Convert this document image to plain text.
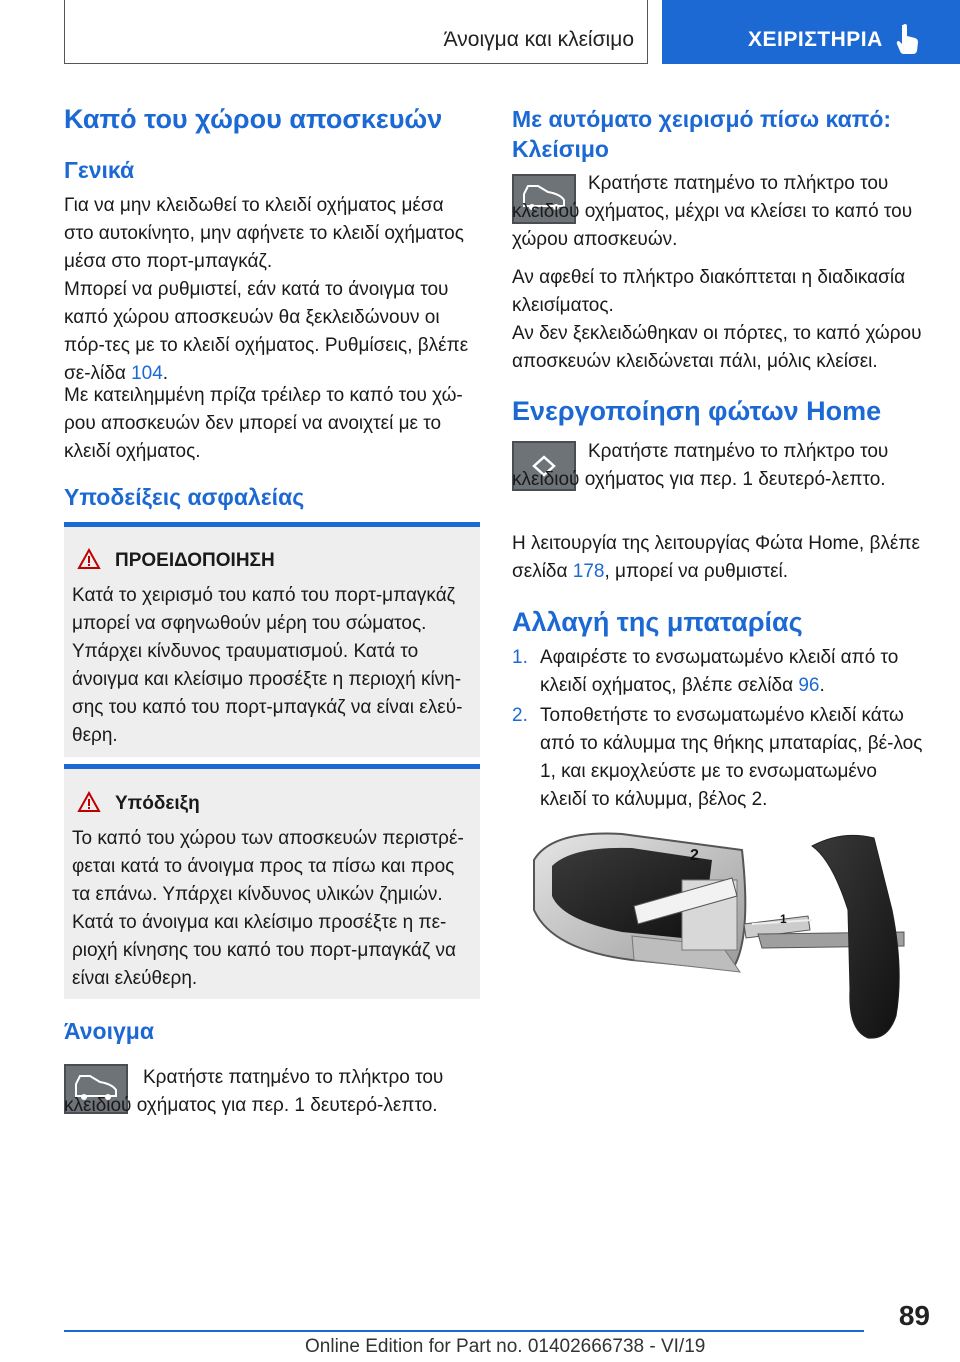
Άνοιγμα και κλείσιμο	ΧΕΙΡΙΣΤΗΡΙΑ
Καπό του χώρου αποσκευών
Γενικά
Για να μην κλειδωθεί το κλειδί οχήματος μέσα στο αυτοκίνητο, μην αφήνετε το κλειδί οχήματος μέσα στο πορτ-μπαγκάζ.
Μπορεί να ρυθμιστεί, εάν κατά το άνοιγμα του καπό χώρου αποσκευών θα ξεκλειδώνουν οι πόρ-τες με το κλειδί οχήματος. Ρυθμίσεις, βλέπε σε-λίδα 104.
Με κατειλημμένη πρίζα τρέιλερ το καπό του χώ-ρου αποσκευών δεν μπορεί να ανοιχτεί με το κλειδί οχήματος.
Υποδείξεις ασφαλείας
ΠΡΟΕΙΔΟΠΟΙΗΣΗ
Κατά το χειρισμό του καπό του πορτ-μπαγκάζ μπορεί να σφηνωθούν μέρη του σώματος. Υπάρχει κίνδυνος τραυματισμού. Κατά το άνοιγμα και κλείσιμο προσέξτε η περιοχή κίνη-σης του καπό του πορτ-μπαγκάζ να είναι ελεύ-θερη.
Υπόδειξη
Το καπό του χώρου των αποσκευών περιστρέ-φεται κατά το άνοιγμα προς τα πίσω και προς τα επάνω. Υπάρχει κίνδυνος υλικών ζημιών. Κατά το άνοιγμα και κλείσιμο προσέξτε η πε-ριοχή κίνησης του καπό του πορτ-μπαγκάζ να είναι ελεύθερη.
Άνοιγμα
Κρατήστε πατημένο το πλήκτρο του κλειδιού οχήματος για περ. 1 δευτερό-λεπτο.
Με αυτόματο χειρισμό πίσω καπό: Κλείσιμο
Κρατήστε πατημένο το πλήκτρο του κλειδιού οχήματος, μέχρι να κλείσει το καπό του χώρου αποσκευών.
Αν αφεθεί το πλήκτρο διακόπτεται η διαδικασία κλεισίματος.
Αν δεν ξεκλειδώθηκαν οι πόρτες, το καπό χώρου αποσκευών κλειδώνεται πάλι, μόλις κλείσει.
Ενεργοποίηση φώτων Home
Κρατήστε πατημένο το πλήκτρο του κλειδιού οχήματος για περ. 1 δευτερό-λεπτο.
Η λειτουργία της λειτουργίας Φώτα Home, βλέπε σελίδα 178, μπορεί να ρυθμιστεί.
Αλλαγή της μπαταρίας
1. Αφαιρέστε το ενσωματωμένο κλειδί από το κλειδί οχήματος, βλέπε σελίδα 96.
2. Τοποθετήστε το ενσωματωμένο κλειδί κάτω από το κάλυμμα της θήκης μπαταρίας, βέ-λος 1, και εκμοχλεύστε με το ενσωματωμένο κλειδί το κάλυμμα, βέλος 2.
2
1
89
Online Edition for Part no. 01402666738 - VI/19
